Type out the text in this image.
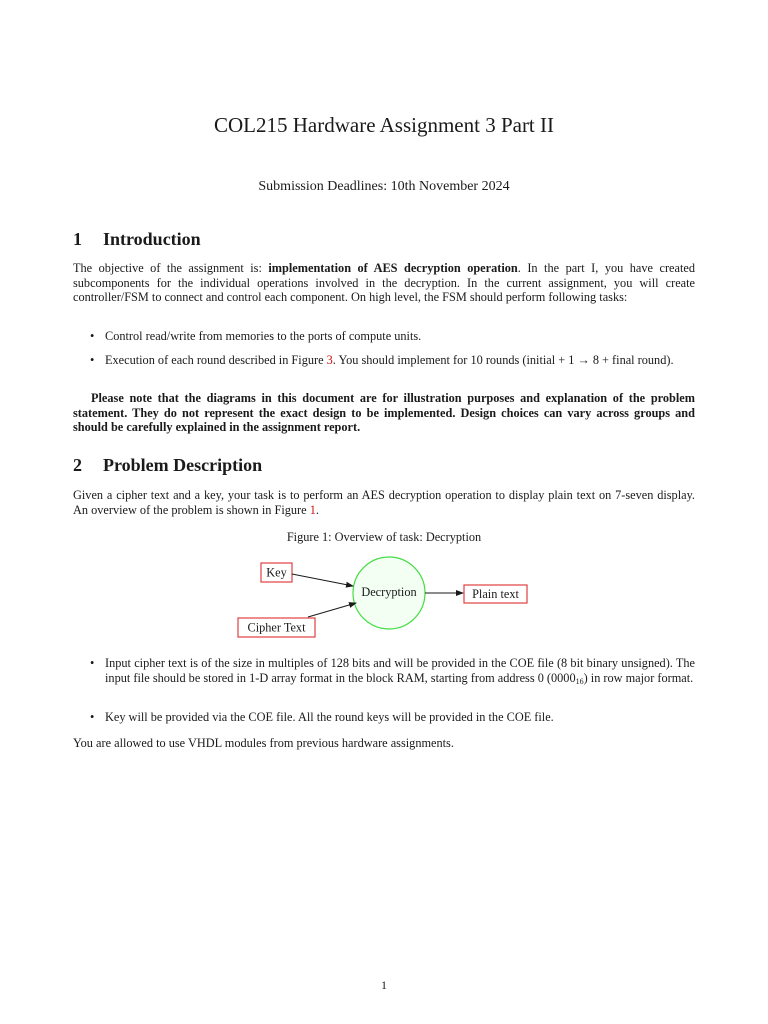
COL215 Hardware Assignment 3 Part II
Submission Deadlines: 10th November 2024
1 Introduction
The objective of the assignment is: implementation of AES decryption operation. In the part I, you have created subcomponents for the individual operations involved in the decryption. In the current assignment, you will create controller/FSM to connect and control each component. On high level, the FSM should perform following tasks:
• Control read/write from memories to the ports of compute units.
• Execution of each round described in Figure 3. You should implement for 10 rounds (initial + 1 → 8 + final round).
Please note that the diagrams in this document are for illustration purposes and explanation of the problem statement. They do not represent the exact design to be implemented. Design choices can vary across groups and should be carefully explained in the assignment report.
2 Problem Description
Given a cipher text and a key, your task is to perform an AES decryption operation to display plain text on 7-seven display. An overview of the problem is shown in Figure 1.
Figure 1: Overview of task: Decryption
Key
Cipher Text
Decryption	Plain text
• Input cipher text is of the size in multiples of 128 bits and will be provided in the COE file (8 bit binary unsigned). The input file should be stored in 1-D array format in the block RAM, starting from address 0 $(0000_{16})$ in row major format.
• Key will be provided via the COE file. All the round keys will be provided in the COE file.
You are allowed to use VHDL modules from previous hardware assignments.
1
